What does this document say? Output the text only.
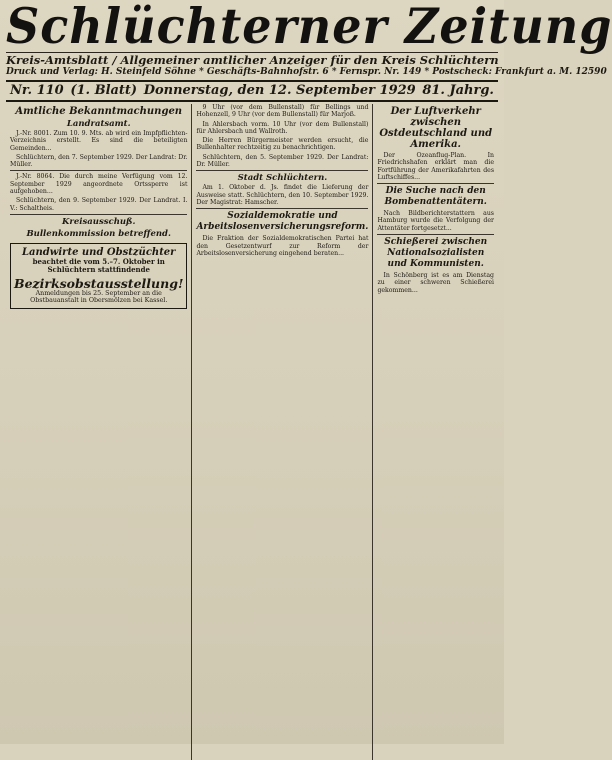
Schlüchterner Zeitung
Kreis-Amtsblatt / Allgemeiner amtlicher Anzeiger für den Kreis Schlüchtern
Druck und Verlag: H. Steinfeld Söhne * Geschäfts-Bahnhofstr. 6 * Fernspr. Nr. 149 * Postscheck: Frankfurt a. M. 12590
Nr. 110 (1. Blatt) Donnerstag, den 12. September 1929 81. Jahrg.
Amtliche Bekanntmachungen
Landratsamt.

J.-Nr. 8001. Zum 10. 9. Mts. ab wird ein Impfpflichten-Verzeichnis erstellt. Es sind die beteiligten Gemeinden...

Schlüchtern, den 7. September 1929. Der Landrat: Dr. Müller.

J.-Nr. 8064. Die durch meine Verfügung vom 12. September 1929 angeordnete Ortssperre ist aufgehoben...

Schlüchtern, den 9. September 1929. Der Landrat. I. V.: Schaltheis.

Kreisausschuß.
Bullenkommission betreffend.
Landwirte und Obstzüchter
beachtet die vom 5.–7. Oktober in Schlüchtern stattfindende
Bezirksobstausstellung!
Anmeldungen bis 25. September an die Obstbauanstalt in Obersmölzen bei Kassel.

9 Uhr (vor dem Bullenstall) für Bellings und Hohenzell, 9 Uhr (vor dem Bullenstall) für Marjoß.

In Ahlersbach vorm. 10 Uhr (vor dem Bullenstall) für Ahlersbach und Wallroth.

Die Herren Bürgermeister werden ersucht, die Bullenhalter rechtzeitig zu benachrichtigen.

Schlüchtern, den 5. September 1929. Der Landrat: Dr. Müller.

Stadt Schlüchtern.

Am 1. Oktober d. Js. findet die Lieferung der Ausweise statt. Schlüchtern, den 10. September 1929. Der Magistrat: Hamscher.

Sozialdemokratie und Arbeitslosenversicherungsreform.

Die Fraktion der Sozialdemokratischen Partei hat den Gesetzentwurf zur Reform der Arbeitslosenversicherung eingehend beraten...

Der Luftverkehr zwischen Ostdeutschland und Amerika.

Der Ozeanflug-Plan. In Friedrichshafen erklärt man die Fortführung der Amerikafahrten des Luftschiffes...

Die Suche nach den Bombenattentätern.

Nach Bildberichterstattern aus Hamburg wurde die Verfolgung der Attentäter fortgesetzt...

Schießerei zwischen Nationalsozialisten und Kommunisten.

In Schönberg ist es am Dienstag zu einer schweren Schießerei gekommen...
